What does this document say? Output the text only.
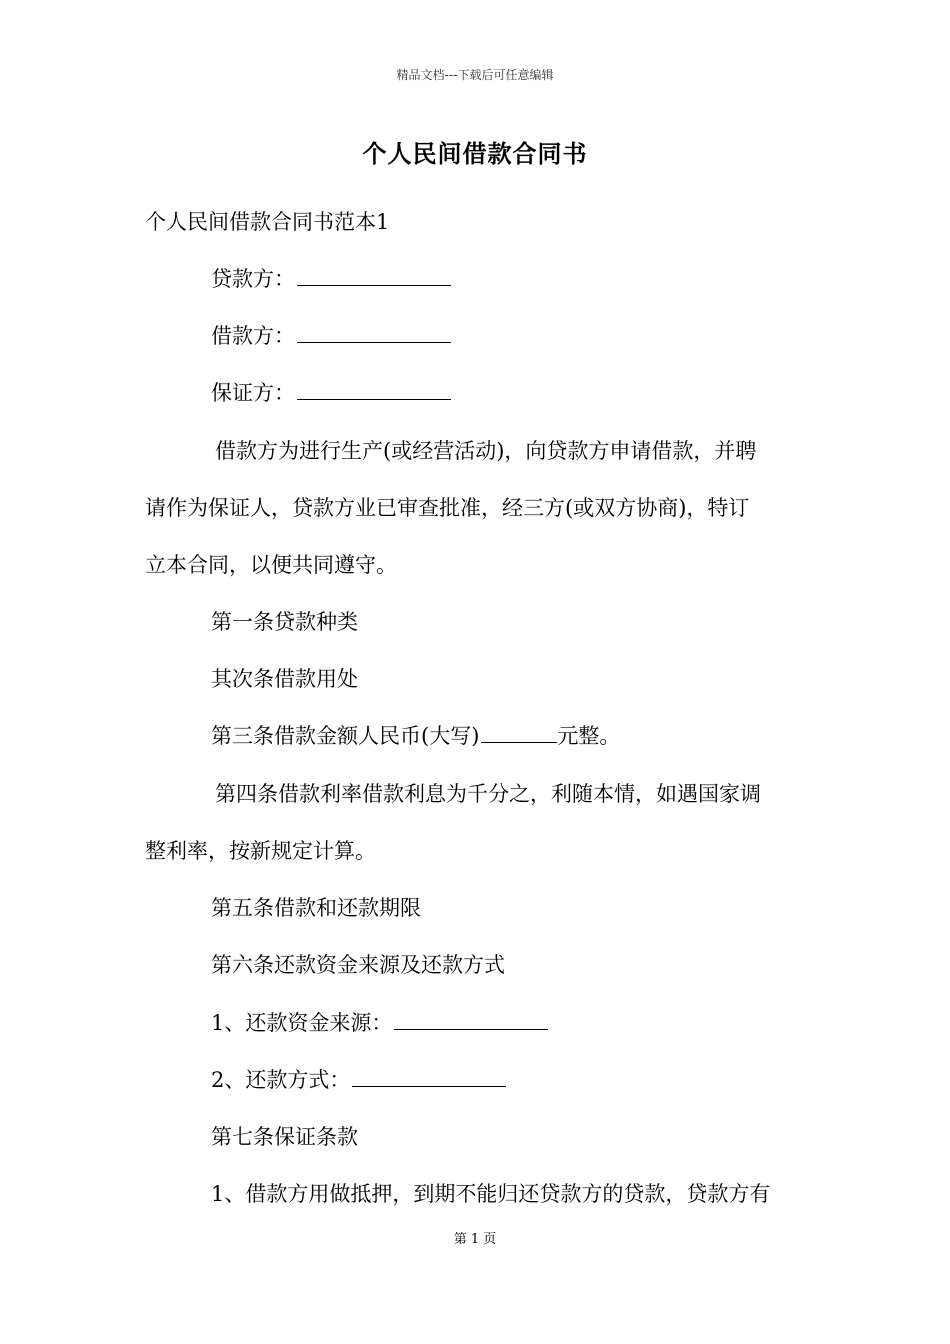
精品文档---下载后可任意编辑
个人民间借款合同书
个人民间借款合同书范本1
贷款方：
借款方：
保证方：
借款方为进行生产(或经营活动)，向贷款方申请借款，并聘
请作为保证人，贷款方业已审查批准，经三方(或双方协商)，特订
立本合同，以便共同遵守。
第一条贷款种类
其次条借款用处
第三条借款金额人民币(大写)	元整。
第四条借款利率借款利息为千分之，利随本情，如遇国家调
整利率，按新规定计算。
第五条借款和还款期限
第六条还款资金来源及还款方式
1、还款资金来源：
2、还款方式：
第七条保证条款
1、借款方用做抵押，到期不能归还贷款方的贷款，贷款方有
第 1 页
